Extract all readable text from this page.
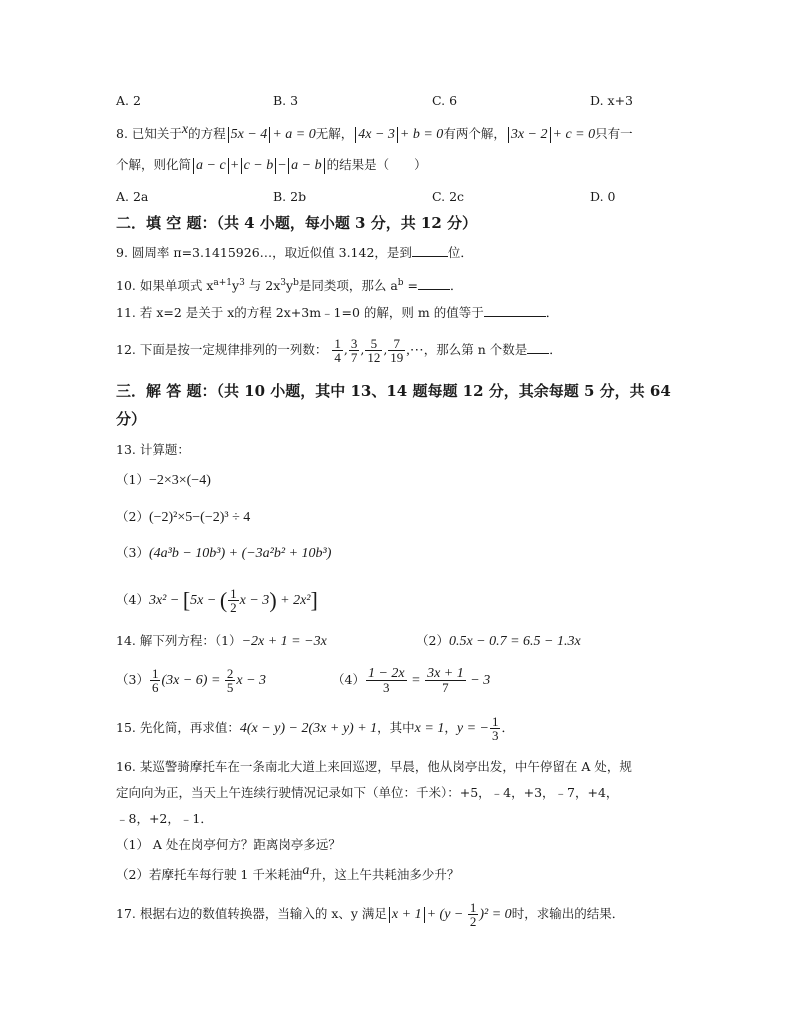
A. 2	B. 3	C. 6	D. x+3
8. 已知关于$^x$的方程 5x − 4 + a = 0无解， 4x − 3 + b = 0有两个解， 3x − 2 + c = 0只有一
个解，则化简 a − c + c − b − a − b 的结果是（　　）
A. 2a	B. 2b	C. 2c	D. 0
二．填 空 题：（共 4 小题，每小题 3 分，共 12 分）
9. 圆周率 π=3.1415926…，取近似值 3.142，是到	位．
10. 如果单项式 $x^{a+1}y^3$ 与 $2x^3y^b$是同类项，那么 $a^b$ =	．
11. 若 x=2 是关于 x的方程 2x+3m﹣1=0 的解，则 m 的值等于	．
12. 下面是按一定规律排列的一列数： $\frac{1}{4}$ , $\frac{3}{7}$ , $\frac{5}{12}$ , $\frac{7}{19}$ ,⋯，那么第 n 个数是 ．
三．解 答 题：（共 10 小题，其中 13、14 题每题 12 分，其余每题 5 分，共 64
分）
13. 计算题：
（1）−2×3×(−4)
（2）(−2)²×5−(−2)³ ÷ 4
（3）(4a³b − 10b³) + (−3a²b² + 10b³)
（4）3x² − [5x − ( $\frac{1}{2}$ x − 3) + 2x²]
14. 解下列方程：（1）−2x + 1 = −3x	（2）0.5x − 0.7 = 6.5 − 1.3x
$(3) \frac{1}{6} (3x - 6) = \frac{2}{5}$ x − 3	$(4) \frac{1 - 2x}{3} = \frac{3x + 1}{7} - 3$
15. 先化简，再求值：4(x − y) − 2(3x + y) + 1，其中x = 1，y = − $\frac{1}{3}$ ．
16. 某巡警骑摩托车在一条南北大道上来回巡逻，早晨，他从岗亭出发，中午停留在 A 处，规
定向向为正，当天上午连续行驶情况记录如下（单位：千米）：+5，﹣4，+3，﹣7，+4，
﹣8，+2，﹣1．
（1） A 处在岗亭何方？距离岗亭多远？
（2）若摩托车每行驶 1 千米耗油$^a$升，这上午共耗油多少升？
17. 根据右边的数值转换器，当输入的 x、y 满足 $x + 1 + (y - \frac{1}{2} )^2 = 0$时，求输出的结果．
